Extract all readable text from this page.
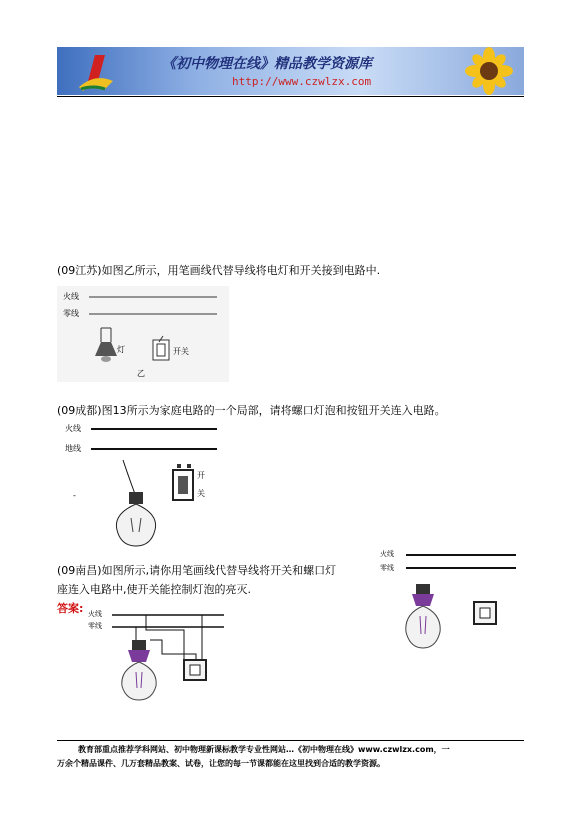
《初中物理在线》精品教学资源库
http://www.czwlzx.com
(09江苏)如图乙所示，用笔画线代替导线将电灯和开关接到电路中.
火线
零线
灯	开关
乙
(09成都)图13所示为家庭电路的一个局部，请将螺口灯泡和按钮开关连入电路。
火线
地线
-
开
关
(09南昌)如图所示,请你用笔画线代替导线将开关和螺口灯
座连入电路中,使开关能控制灯泡的亮灭.
答案:
火线
零线
火线
零线
教育部重点推荐学科网站、初中物理新课标教学专业性网站…《初中物理在线》www.czwlzx.com，一
万余个精品课件、几万套精品教案、试卷，让您的每一节课都能在这里找到合适的教学资源。
